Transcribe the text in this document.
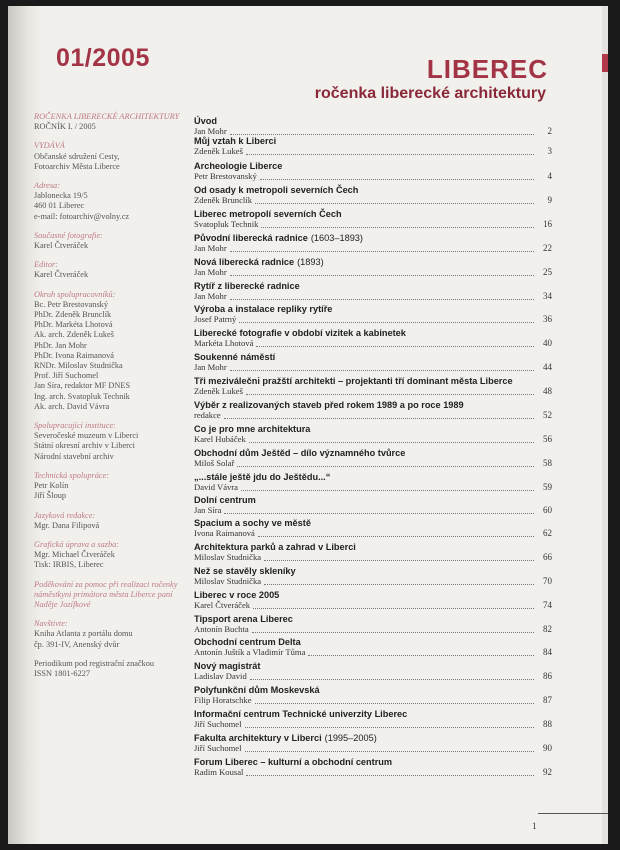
01/2005	LIBEREC
ročenka liberecké architektury
ROČENKA LIBERECKÉ ARCHITEKTURY
ROČNÍK I. / 2005
VYDÁVÁ
Občanské sdružení Cesty,
Fotoarchiv Města Liberce
Adresa:
Jabloneckа 19/5
460 01 Liberec
e-mail: fotoarchiv@volny.cz
Současné fotografie:
Karel Čtveráček
Editor:
Karel Čtveráček
Okruh spolupracovníků:
Bc. Petr Brestovanský
PhDr. Zdeněk Brunclík
PhDr. Markéta Lhotová
Ak. arch. Zdeněk Lukeš
PhDr. Jan Mohr
PhDr. Ivona Raimanová
RNDr. Miloslav Studnička
Prof. Jiří Suchomel
Jan Síra, redaktor MF DNES
Ing. arch. Svatopluk Technik
Ak. arch. David Vávra
Spolupracující instituce:
Severočeské muzeum v Liberci
Státní okresní archiv v Liberci
Národní stavební archiv
Technická spolupráce:
Petr Kolín
Jiří Šloup
Jazyková redakce:
Mgr. Dana Filipová
Grafická úprava a sazba:
Mgr. Michael Čtveráček
Tisk: IRBIS, Liberec
Poděkování za pomoc při realizaci ročenky náměstkyni primátora města Liberce paní Naděje Jozífkové
Navštivte:
Kniha Atlanta z portálu domu
čp. 391-IV, Anenský dvůr
Periodikum pod registrační značkou
ISSN 1801-6227
Úvod
Jan Mohr	2
Můj vztah k Liberci
Zdeněk Lukeš	3
Archeologie Liberce
Petr Brestovanský	4
Od osady k metropoli severních Čech
Zdeněk Brunclík	9
Liberec metropolí severních Čech
Svatopluk Technik	16
Původní liberecká radnice (1603–1893)
Jan Mohr	22
Nová liberecká radnice (1893)
Jan Mohr	25
Rytíř z liberecké radnice
Jan Mohr	34
Výroba a instalace repliky rytíře
Josef Patrný	36
Liberecké fotografie v období vizitek a kabinetek
Markéta Lhotová	40
Soukenné náměstí
Jan Mohr	44
Tři meziválečnі pražští architekti – projektanti tří dominant města Liberce
Zdeněk Lukeš	48
Výběr z realizovaných staveb před rokem 1989 a po roce 1989
redakce	52
Co je pro mne architektura
Karel Hubáček	56
Obchodní dům Ještěd – dílo významného tvůrce
Miloš Solař	58
„...stále ještě jdu do Ještědu...“
David Vávra	59
Dolní centrum
Jan Síra	60
Spacium a sochy ve městě
Ivona Raimanová	62
Architektura parků a zahrad v Liberci
Miloslav Studnička	66
Než se stavěly skleníky
Miloslav Studnička	70
Liberec v roce 2005
Karel Čtveráček	74
Tipsport arena Liberec
Antonín Buchta	82
Obchodní centrum Delta
Antonín Juštík a Vladimír Tůma	84
Nový magistrát
Ladislav David	86
Polyfunkční dům Moskevská
Filip Horatschke	87
Informační centrum Technické univerzity Liberec
Jiří Suchomel	88
Fakulta architektury v Liberci (1995–2005)
Jiří Suchomel	90
Forum Liberec – kulturní a obchodní centrum
Radim Kousal	92
1
